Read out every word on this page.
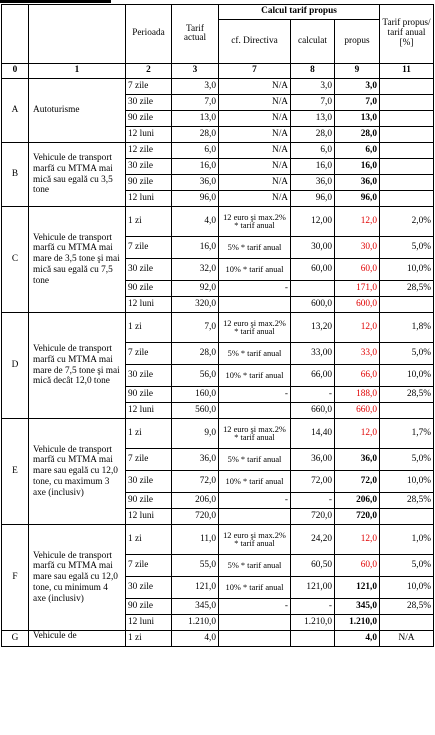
		Perioada	Tarif actual	Calcul tarif propus			Tarif propus/ tarif anual [%]
				cf. Directiva	calculat	propus	
0	1	2	3	7	8	9	11
A	Autoturisme	7 zile	3,0	N/A	3,0	3,0	
		30 zile	7,0	N/A	7,0	7,0	
		90 zile	13,0	N/A	13,0	13,0	
		12 luni	28,0	N/A	28,0	28,0	
B	Vehicule de transport marfă cu MTMA mai mică sau egală cu 3,5 tone	12 zile	6,0	N/A	6,0	6,0	
		30 zile	16,0	N/A	16,0	16,0	
		90 zile	36,0	N/A	36,0	36,0	
		12 luni	96,0	N/A	96,0	96,0	
C	Vehicule de transport marfă cu MTMA mai mare de 3,5 tone şi mai mică sau egală cu 7,5 tone	1 zi	4,0	12 euro şi max.2% * tarif anual	12,00	12,0	2,0%
		7 zile	16,0	5% * tarif anual	30,00	30,0	5,0%
		30 zile	32,0	10% * tarif anual	60,00	60,0	10,0%
		90 zile	92,0	-		171,0	28,5%
		12 luni	320,0		600,0	600,0	
D	Vehicule de transport marfă cu MTMA mai mare de 7,5 tone şi mai mică decât 12,0 tone	1 zi	7,0	12 euro şi max.2% * tarif anual	13,20	12,0	1,8%
		7 zile	28,0	5% * tarif anual	33,00	33,0	5,0%
		30 zile	56,0	10% * tarif anual	66,00	66,0	10,0%
		90 zile	160,0	-	-	188,0	28,5%
		12 luni	560,0		660,0	660,0	
E	Vehicule de transport marfă cu MTMA mai mare sau egală cu 12,0 tone, cu maximum 3 axe (inclusiv)	1 zi	9,0	12 euro şi max.2% * tarif anual	14,40	12,0	1,7%
		7 zile	36,0	5% * tarif anual	36,00	36,0	5,0%
		30 zile	72,0	10% * tarif anual	72,00	72,0	10,0%
		90 zile	206,0	-	-	206,0	28,5%
		12 luni	720,0		720,0	720,0	
F	Vehicule de transport marfă cu MTMA mai mare sau egală cu 12,0 tone, cu minimum 4 axe (inclusiv)	1 zi	11,0	12 euro şi max.2% * tarif anual	24,20	12,0	1,0%
		7 zile	55,0	5% * tarif anual	60,50	60,0	5,0%
		30 zile	121,0	10% * tarif anual	121,00	121,0	10,0%
		90 zile	345,0	-	-	345,0	28,5%
		12 luni	1.210,0		1.210,0	1.210,0	
G	Vehicule de	1 zi	4,0			4,0	N/A
